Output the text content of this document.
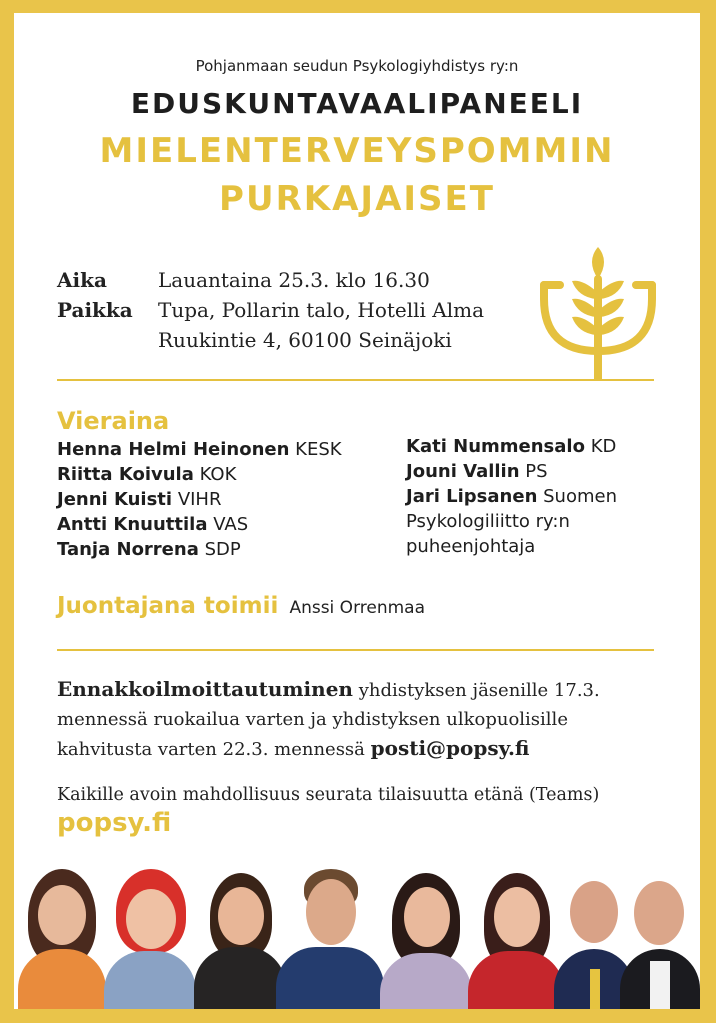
Pohjanmaan seudun Psykologiyhdistys ry:n
EDUSKUNTAVAALIPANEELI
MIELENTERVEYSPOMMIN
PURKAJAISET
Aika	Lauantaina 25.3. klo 16.30
Paikka Tupa, Pollarin talo, Hotelli Alma
Ruukintie 4, 60100 Seinäjoki
Vieraina
Henna Helmi Heinonen KESK
Riitta Koivula KOK
Jenni Kuisti VIHR
Antti Knuuttila VAS
Tanja Norrena SDP
Kati Nummensalo KD
Jouni Vallin PS
Jari Lipsanen Suomen
Psykologiliitto ry:n
puheenjohtaja
Juontajana toimii Anssi Orrenmaa
Ennakkoilmoittautuminen yhdistyksen jäsenille 17.3.
mennessä ruokailua varten ja yhdistyksen ulkopuolisille
kahvitusta varten 22.3. mennessä posti@popsy.fi
Kaikille avoin mahdollisuus seurata tilaisuutta etänä (Teams)
popsy.fi
